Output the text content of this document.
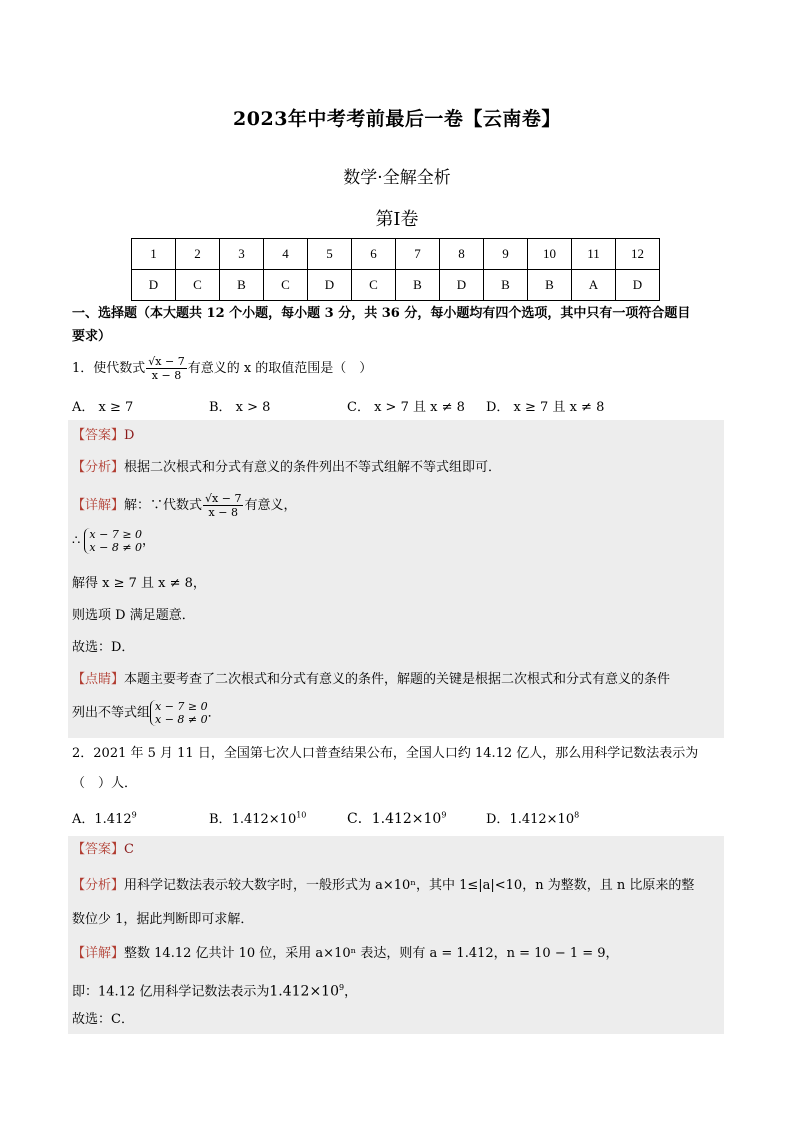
2023年中考考前最后一卷【云南卷】
数学·全解全析
第Ⅰ卷
1	2	3	4	5	6	7	8	9	10	11	12
D	C	B	C	D	C	B	D	B	B	A	D
一、选择题（本大题共 12 个小题，每小题 3 分，共 36 分，每小题均有四个选项，其中只有一项符合题目
要求）
1．使代数式 $\frac{√x - 7}{x - 8}$ 有意义的 x 的取值范围是（　）
A． x ≥ 7	B． x > 8	C． x > 7 且 x ≠ 8 D． x ≥ 7 且 x ≠ 8
【答案】D
【分析】根据二次根式和分式有意义的条件列出不等式组解不等式组即可．
【详解】解：∵代数式 $\frac{√x - 7}{x - 8}$ 有意义，
∴ x − 7 ≥ 0
x − 8 ≠ 0 ，
解得 x ≥ 7 且 x ≠ 8，
则选项 D 满足题意．
故选：D．
【点睛】本题主要考查了二次根式和分式有意义的条件，解题的关键是根据二次根式和分式有意义的条件
列出不等式组 x − 7 ≥ 0
x − 8 ≠ 0 ．
2．2021 年 5 月 11 日，全国第七次人口普查结果公布，全国人口约 14.12 亿人，那么用科学记数法表示为
（　）人．
A．1.412$^9$	B．$1.412\times 10^{10}$	C．$1.412\times 10^9$	D．$1.412\times 10^8$
【答案】C
【分析】用科学记数法表示较大数字时，一般形式为 a×10ⁿ，其中 1≤|a|<10，n 为整数，且 n 比原来的整
数位少 1，据此判断即可求解．
【详解】整数 14.12 亿共计 10 位，采用 a×10ⁿ 表达，则有 a = 1.412，n = 10 − 1 = 9，
即：14.12 亿用科学记数法表示为$1.412\times 10^9$，
故选：C．
